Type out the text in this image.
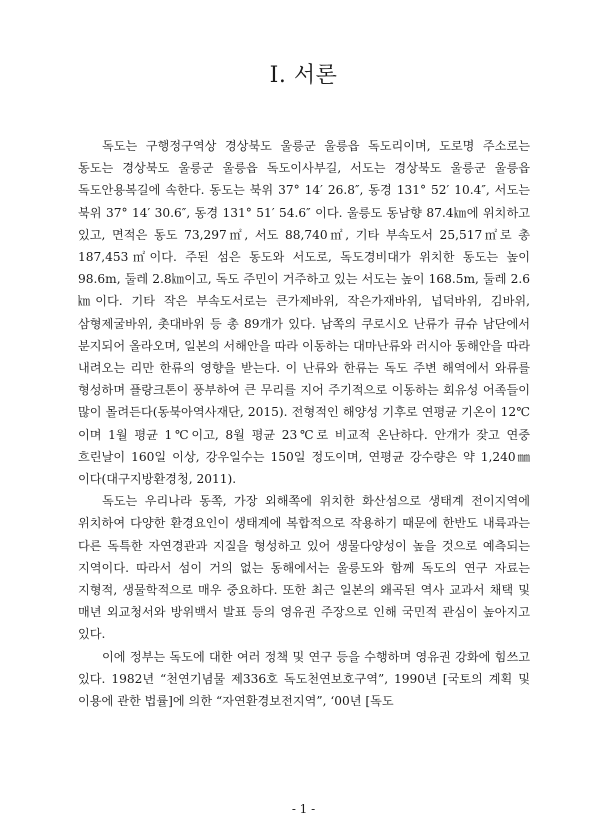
I. 서론

독도는 구행정구역상 경상북도 울릉군 울릉읍 독도리이며, 도로명 주소로는 동도는 경상북도 울릉군 울릉읍 독도이사부길, 서도는 경상북도 울릉군 울릉읍 독도안용복길에 속한다. 동도는 북위 37° 14′ 26.8″, 동경 131° 52′ 10.4″, 서도는 북위 37° 14′ 30.6″, 동경 131° 51′ 54.6″ 이다. 울릉도 동남향 87.4㎞에 위치하고 있고, 면적은 동도 73,297㎡, 서도 88,740㎡, 기타 부속도서 25,517㎡로 총 187,453㎡이다. 주된 섬은 동도와 서도로, 독도경비대가 위치한 동도는 높이 98.6m, 둘레 2.8㎞이고, 독도 주민이 거주하고 있는 서도는 높이 168.5m, 둘레 2.6㎞이다. 기타 작은 부속도서로는 큰가제바위, 작은가재바위, 넙덕바위, 김바위, 삼형제굴바위, 촛대바위 등 총 89개가 있다. 남쪽의 쿠로시오 난류가 큐슈 남단에서 분지되어 올라오며, 일본의 서해안을 따라 이동하는 대마난류와 러시아 동해안을 따라 내려오는 리만 한류의 영향을 받는다. 이 난류와 한류는 독도 주변 해역에서 와류를 형성하며 플랑크톤이 풍부하여 큰 무리를 지어 주기적으로 이동하는 회유성 어족들이 많이 몰려든다(동북아역사재단, 2015). 전형적인 해양성 기후로 연평균 기온이 12℃이며 1월 평균 1℃이고, 8월 평균 23℃로 비교적 온난하다. 안개가 잦고 연중 흐린날이 160일 이상, 강우일수는 150일 정도이며, 연평균 강수량은 약 1,240㎜이다(대구지방환경청, 2011).

독도는 우리나라 동쪽, 가장 외해쪽에 위치한 화산섬으로 생태계 전이지역에 위치하여 다양한 환경요인이 생태계에 복합적으로 작용하기 때문에 한반도 내륙과는 다른 독특한 자연경관과 지질을 형성하고 있어 생물다양성이 높을 것으로 예측되는 지역이다. 따라서 섬이 거의 없는 동해에서는 울릉도와 함께 독도의 연구 자료는 지형적, 생물학적으로 매우 중요하다. 또한 최근 일본의 왜곡된 역사 교과서 채택 및 매년 외교청서와 방위백서 발표 등의 영유권 주장으로 인해 국민적 관심이 높아지고 있다.

이에 정부는 독도에 대한 여러 정책 및 연구 등을 수행하며 영유권 강화에 힘쓰고 있다. 1982년 “천연기념물 제336호 독도천연보호구역”, 1990년 [국토의 계획 및 이용에 관한 법률]에 의한 “자연환경보전지역”, ‘00년 [독도

- 1 -
